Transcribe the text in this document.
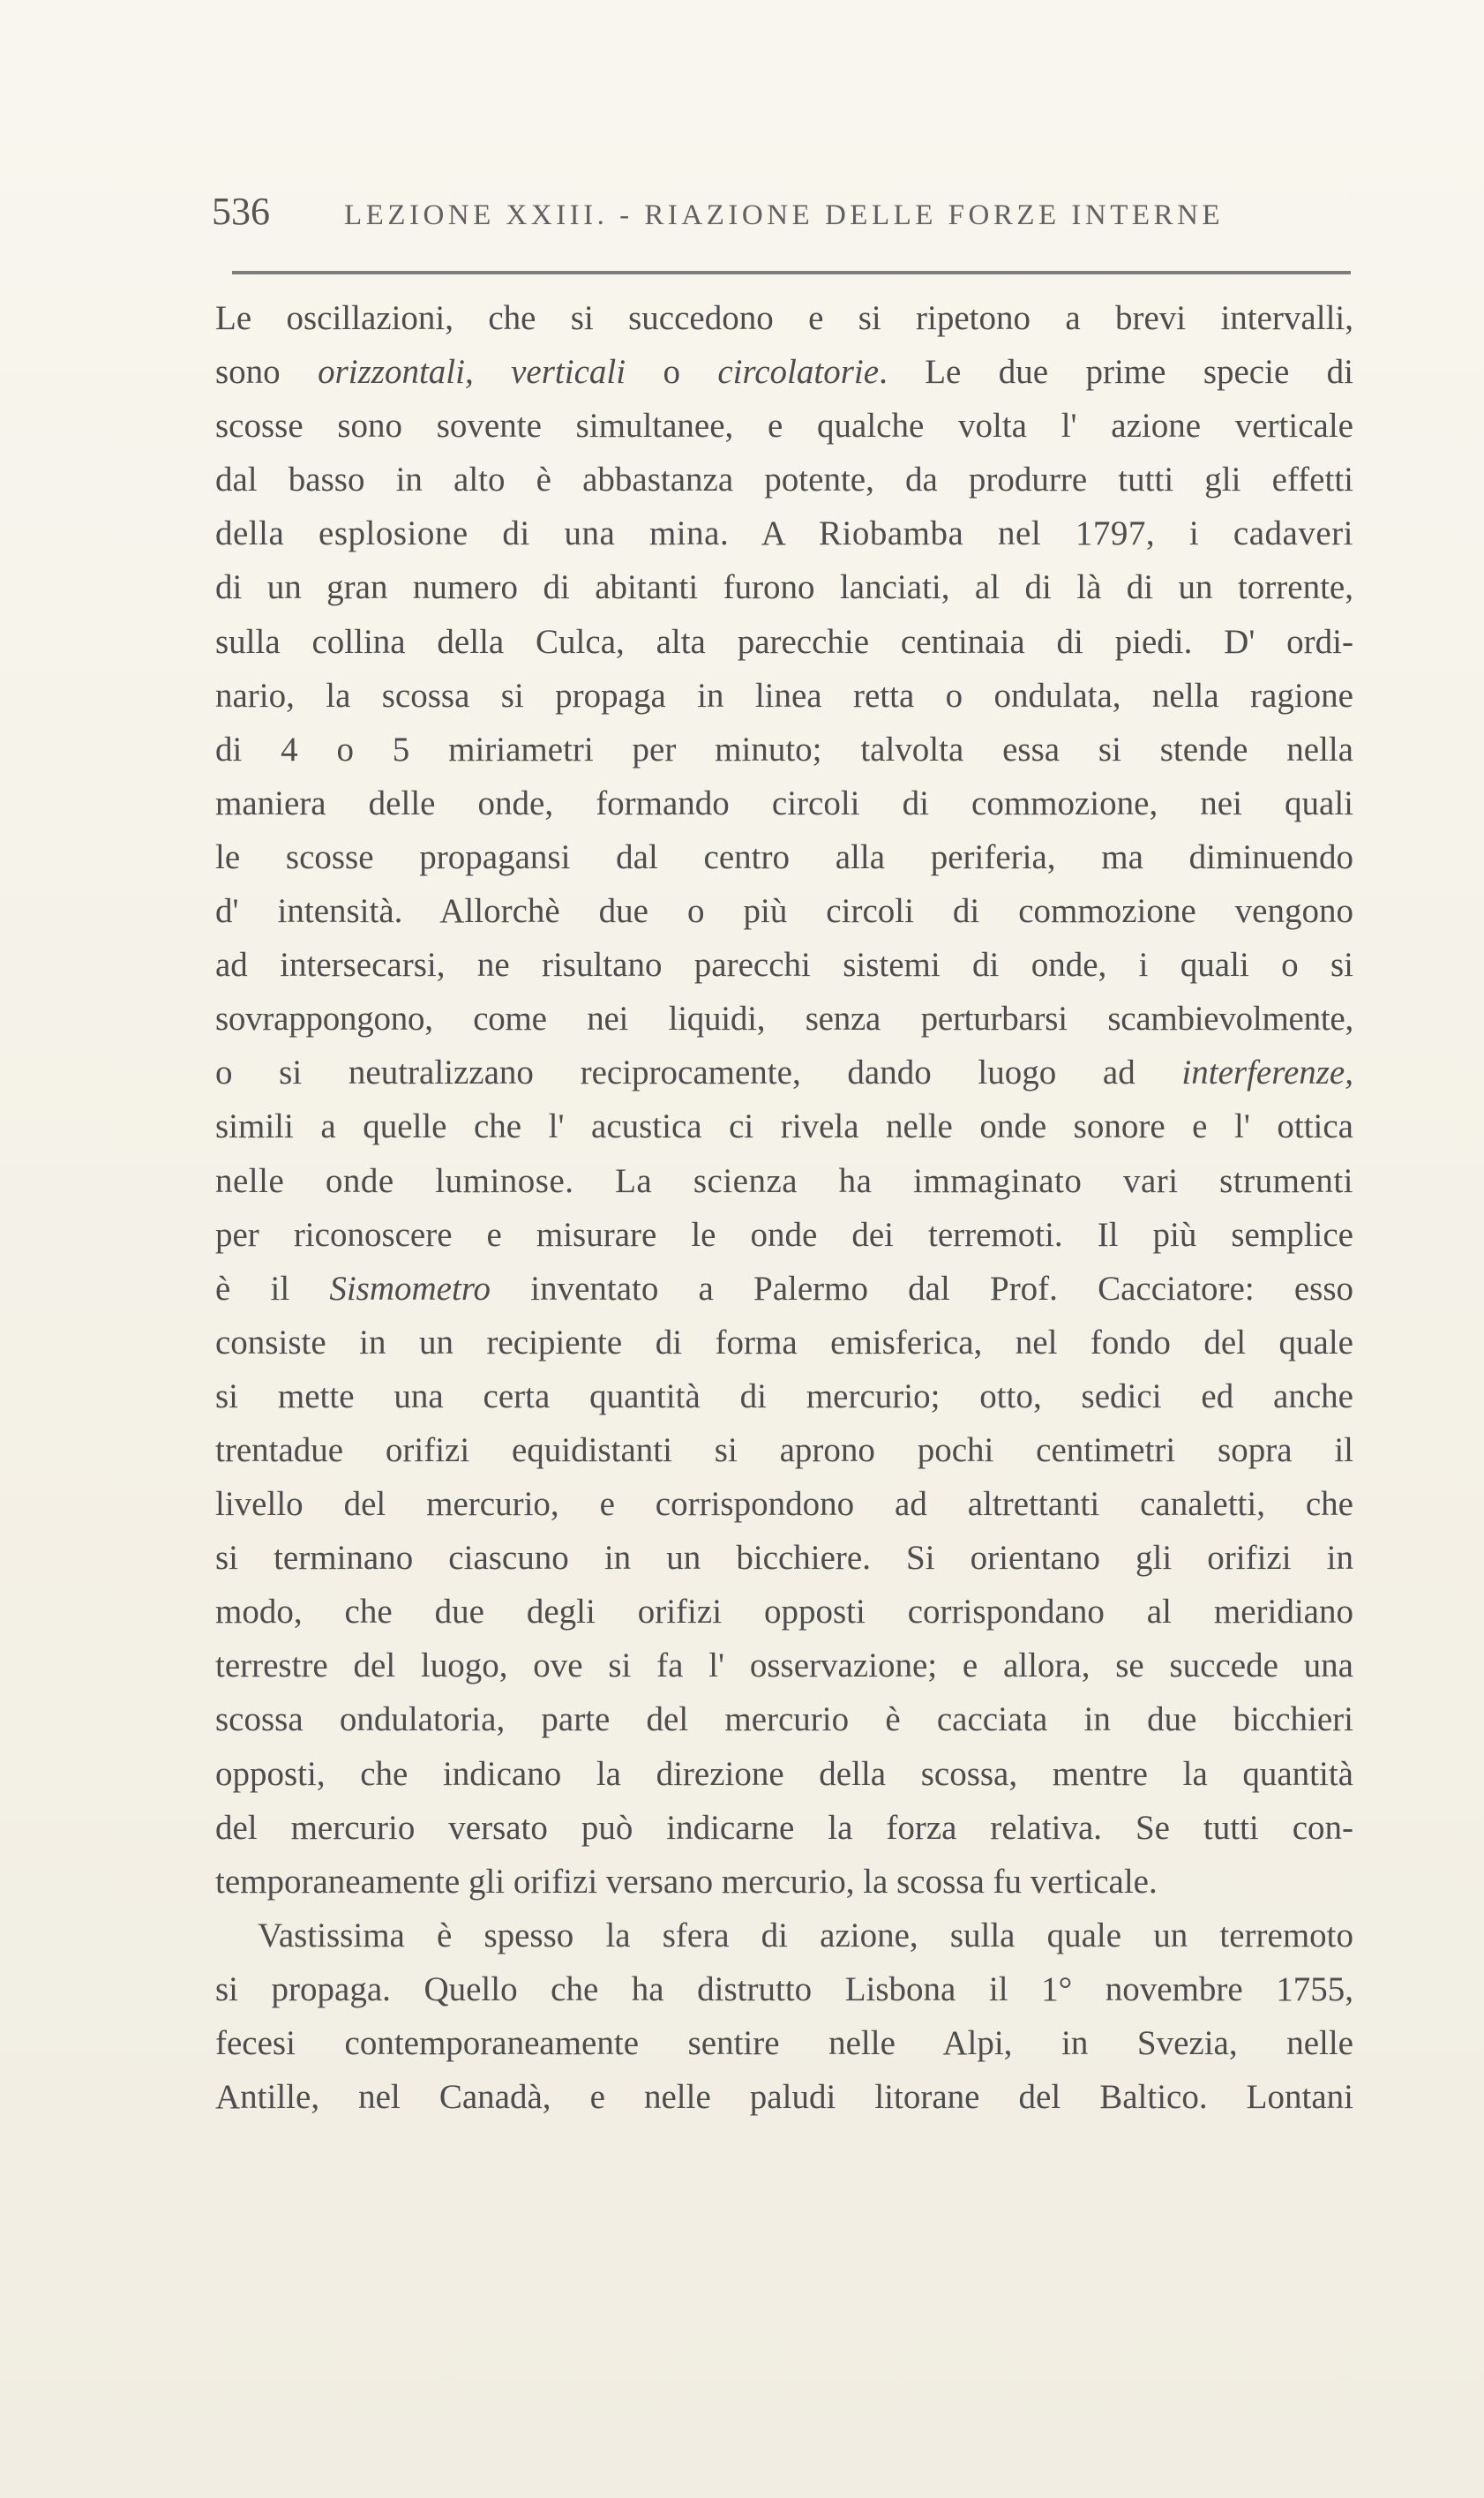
536	LEZIONE XXIII. - RIAZIONE DELLE FORZE INTERNE
Le oscillazioni, che si succedono e si ripetono a brevi intervalli,
sono orizzontali, verticali o circolatorie. Le due prime specie di
scosse sono sovente simultanee, e qualche volta l' azione verticale
dal basso in alto è abbastanza potente, da produrre tutti gli effetti
della esplosione di una mina. A Riobamba nel 1797, i cadaveri
di un gran numero di abitanti furono lanciati, al di là di un torrente,
sulla collina della Culca, alta parecchie centinaia di piedi. D' ordi-
nario, la scossa si propaga in linea retta o ondulata, nella ragione
di 4 o 5 miriametri per minuto; talvolta essa si stende nella
maniera delle onde, formando circoli di commozione, nei quali
le scosse propagansi dal centro alla periferia, ma diminuendo
d' intensità. Allorchè due o più circoli di commozione vengono
ad intersecarsi, ne risultano parecchi sistemi di onde, i quali o si
sovrappongono, come nei liquidi, senza perturbarsi scambievolmente,
o si neutralizzano reciprocamente, dando luogo ad interferenze,
simili a quelle che l' acustica ci rivela nelle onde sonore e l' ottica
nelle onde luminose. La scienza ha immaginato vari strumenti
per riconoscere e misurare le onde dei terremoti. Il più semplice
è il Sismometro inventato a Palermo dal Prof. Cacciatore: esso
consiste in un recipiente di forma emisferica, nel fondo del quale
si mette una certa quantità di mercurio; otto, sedici ed anche
trentadue orifizi equidistanti si aprono pochi centimetri sopra il
livello del mercurio, e corrispondono ad altrettanti canaletti, che
si terminano ciascuno in un bicchiere. Si orientano gli orifizi in
modo, che due degli orifizi opposti corrispondano al meridiano
terrestre del luogo, ove si fa l' osservazione; e allora, se succede una
scossa ondulatoria, parte del mercurio è cacciata in due bicchieri
opposti, che indicano la direzione della scossa, mentre la quantità
del mercurio versato può indicarne la forza relativa. Se tutti con-
temporaneamente gli orifizi versano mercurio, la scossa fu verticale.
Vastissima è spesso la sfera di azione, sulla quale un terremoto
si propaga. Quello che ha distrutto Lisbona il 1° novembre 1755,
fecesi contemporaneamente sentire nelle Alpi, in Svezia, nelle
Antille, nel Canadà, e nelle paludi litorane del Baltico. Lontani
